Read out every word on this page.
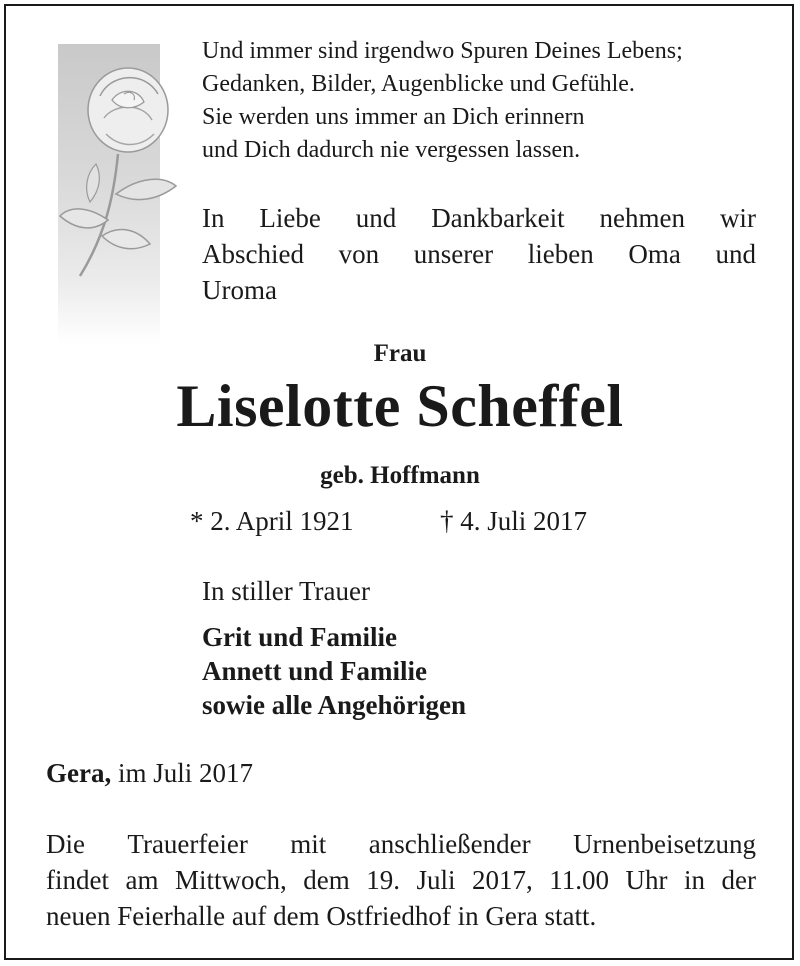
Und immer sind irgendwo Spuren Deines Lebens;
Gedanken, Bilder, Augenblicke und Gefühle.
Sie werden uns immer an Dich erinnern
und Dich dadurch nie vergessen lassen.
In Liebe und Dankbarkeit nehmen wir
Abschied von unserer lieben Oma und
Uroma
Frau
Liselotte Scheffel
geb. Hoffmann
* 2. April 1921	† 4. Juli 2017
In stiller Trauer
Grit und Familie
Annett und Familie
sowie alle Angehörigen
Gera, im Juli 2017
Die Trauerfeier mit anschließender Urnenbeisetzung
findet am Mittwoch, dem 19. Juli 2017, 11.00 Uhr in der
neuen Feierhalle auf dem Ostfriedhof in Gera statt.
